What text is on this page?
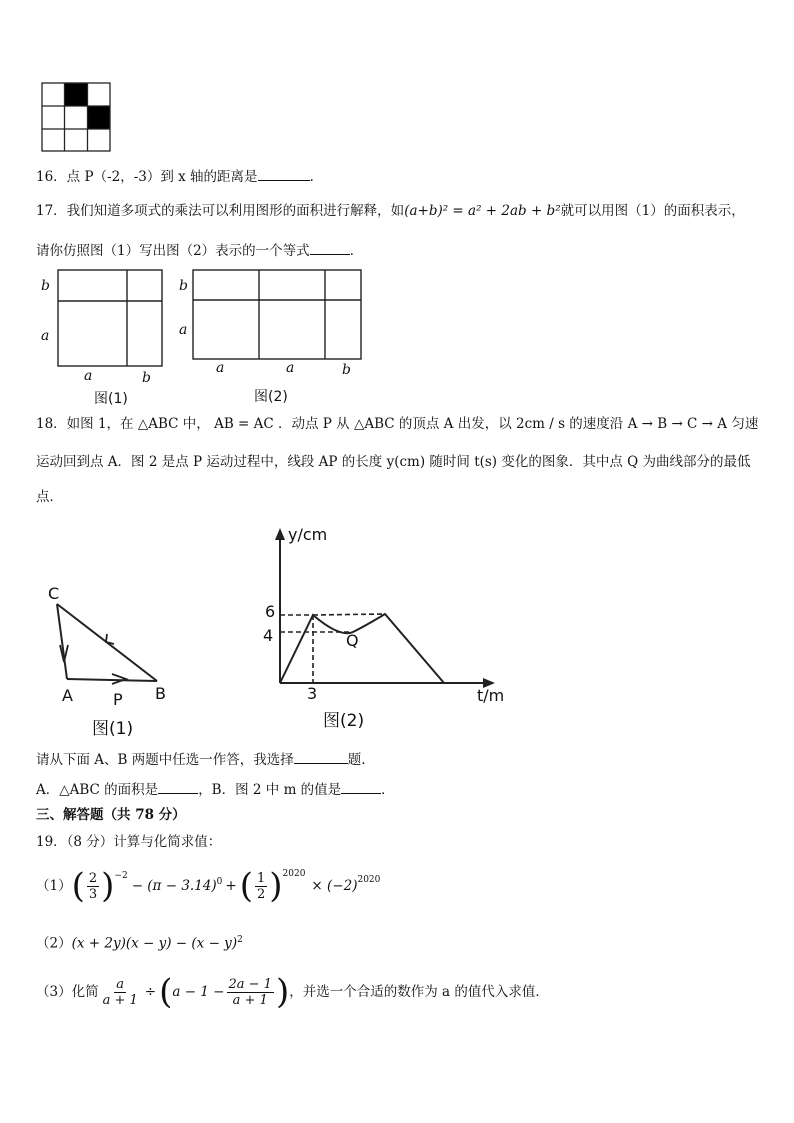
16．点 P（-2，-3）到 x 轴的距离是	．
17．我们知道多项式的乘法可以利用图形的面积进行解释，如(a+b)² = a² + 2ab + b²就可以用图（1）的面积表示，
请你仿照图（1）写出图（2）表示的一个等式	．
b
a
a	b
图(1)
b
a
a	a	b
图(2)
18．如图 1，在 △ABC 中， AB = AC ．动点 P 从 △ABC 的顶点 A 出发，以 2cm / s 的速度沿 A → B → C → A 匀速
运动回到点 A．图 2 是点 P 运动过程中，线段 AP 的长度 y(cm) 随时间 t(s) 变化的图象．其中点 Q 为曲线部分的最低
点．
C
A	B
P
图(1)
y/cm
t/m
6
4
3
Q
图(2)
请从下面 A、B 两题中任选一作答，我选择	题.
A．△ABC 的面积是	，B．图 2 中 m 的值是	．
三、解答题（共 78 分）
19．（8 分）计算与化简求值：
（1） ( $\frac{2}{3} )^{-2}$
− $(\pi - 3.14)^0$ + ( $\frac{1}{2} )^{2020}$
× $(-2)^{2020}$
$(2)(x + 2y)(x - y) - (x - y)^2$
（3）化简 $\frac{a}{a + 1}$ ÷ ( $a - 1 - \frac{2a - 1}{a + 1}$ ) ，并选一个合适的数作为 a 的值代入求值．
